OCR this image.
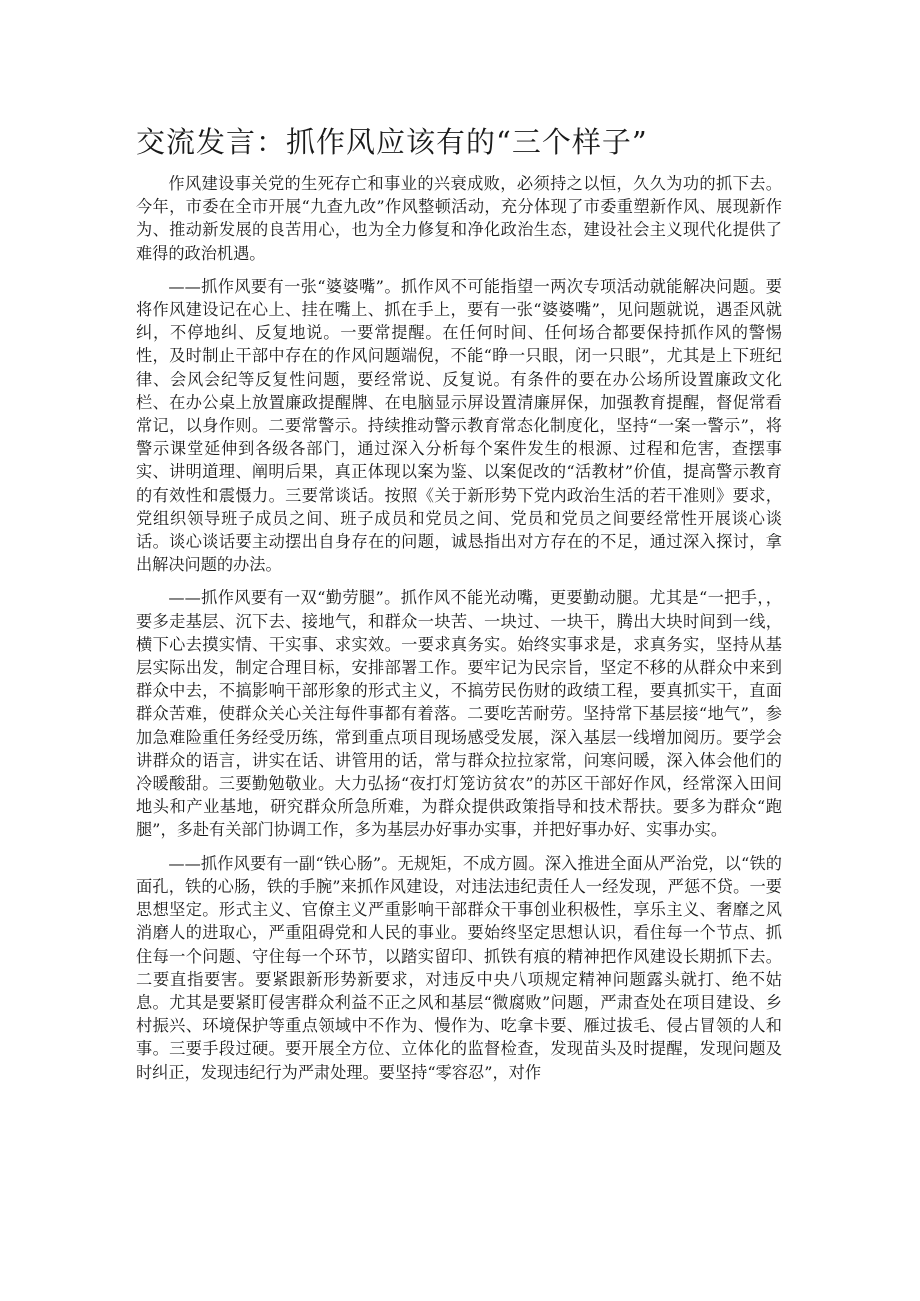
交流发言：抓作风应该有的“三个样子”

作风建设事关党的生死存亡和事业的兴衰成败，必须持之以恒，久久为功的抓下去。今年，市委在全市开展“九查九改”作风整顿活动，充分体现了市委重塑新作风、展现新作为、推动新发展的良苦用心，也为全力修复和净化政治生态，建设社会主义现代化提供了难得的政治机遇。

——抓作风要有一张“婆婆嘴”。抓作风不可能指望一两次专项活动就能解决问题。要将作风建设记在心上、挂在嘴上、抓在手上，要有一张“婆婆嘴”，见问题就说，遇歪风就纠，不停地纠、反复地说。一要常提醒。在任何时间、任何场合都要保持抓作风的警惕性，及时制止干部中存在的作风问题端倪，不能“睁一只眼，闭一只眼”，尤其是上下班纪律、会风会纪等反复性问题，要经常说、反复说。有条件的要在办公场所设置廉政文化栏、在办公桌上放置廉政提醒牌、在电脑显示屏设置清廉屏保，加强教育提醒，督促常看常记，以身作则。二要常警示。持续推动警示教育常态化制度化，坚持“一案一警示”，将警示课堂延伸到各级各部门，通过深入分析每个案件发生的根源、过程和危害，查摆事实、讲明道理、阐明后果，真正体现以案为鉴、以案促改的“活教材”价值，提高警示教育的有效性和震慑力。三要常谈话。按照《关于新形势下党内政治生活的若干准则》要求，党组织领导班子成员之间、班子成员和党员之间、党员和党员之间要经常性开展谈心谈话。谈心谈话要主动摆出自身存在的问题，诚恳指出对方存在的不足，通过深入探讨，拿出解决问题的办法。

——抓作风要有一双“勤劳腿”。抓作风不能光动嘴，更要勤动腿。尤其是“一把手，，要多走基层、沉下去、接地气，和群众一块苦、一块过、一块干，腾出大块时间到一线，横下心去摸实情、干实事、求实效。一要求真务实。始终实事求是，求真务实，坚持从基层实际出发，制定合理目标，安排部署工作。要牢记为民宗旨，坚定不移的从群众中来到群众中去，不搞影响干部形象的形式主义，不搞劳民伤财的政绩工程，要真抓实干，直面群众苦难，使群众关心关注每件事都有着落。二要吃苦耐劳。坚持常下基层接“地气”，参加急难险重任务经受历练，常到重点项目现场感受发展，深入基层一线增加阅历。要学会讲群众的语言，讲实在话、讲管用的话，常与群众拉拉家常，问寒问暖，深入体会他们的冷暖酸甜。三要勤勉敬业。大力弘扬“夜打灯笼访贫农”的苏区干部好作风，经常深入田间地头和产业基地，研究群众所急所难，为群众提供政策指导和技术帮扶。要多为群众“跑腿”，多赴有关部门协调工作，多为基层办好事办实事，并把好事办好、实事办实。

——抓作风要有一副“铁心肠”。无规矩，不成方圆。深入推进全面从严治党，以“铁的面孔，铁的心肠，铁的手腕”来抓作风建设，对违法违纪责任人一经发现，严惩不贷。一要思想坚定。形式主义、官僚主义严重影响干部群众干事创业积极性，享乐主义、奢靡之风消磨人的进取心，严重阻碍党和人民的事业。要始终坚定思想认识，看住每一个节点、抓住每一个问题、守住每一个环节，以踏实留印、抓铁有痕的精神把作风建设长期抓下去。二要直指要害。要紧跟新形势新要求，对违反中央八项规定精神问题露头就打、绝不姑息。尤其是要紧盯侵害群众利益不正之风和基层“微腐败”问题，严肃查处在项目建设、乡村振兴、环境保护等重点领域中不作为、慢作为、吃拿卡要、雁过拔毛、侵占冒领的人和事。三要手段过硬。要开展全方位、立体化的监督检查，发现苗头及时提醒，发现问题及时纠正，发现违纪行为严肃处理。要坚持“零容忍”，对作
